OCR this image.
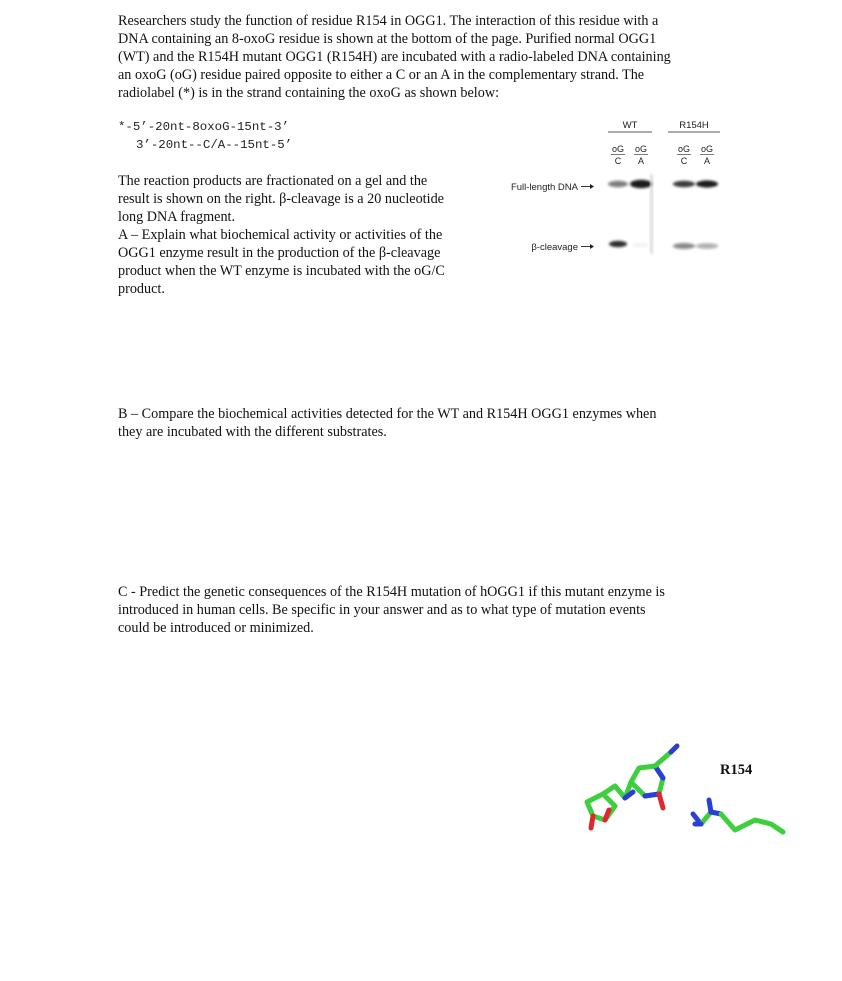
Researchers study the function of residue R154 in OGG1. The interaction of this residue with a
DNA containing an 8-oxoG residue is shown at the bottom of the page. Purified normal OGG1
(WT) and the R154H mutant OGG1 (R154H) are incubated with a radio-labeled DNA containing
an oxoG (oG) residue paired opposite to either a C or an A in the complementary strand. The
radiolabel (*) is in the strand containing the oxoG as shown below:
*-5’-20nt-8oxoG-15nt-3’
3’-20nt--C/A--15nt-5’
The reaction products are fractionated on a gel and the
result is shown on the right. β-cleavage is a 20 nucleotide
long DNA fragment.
A – Explain what biochemical activity or activities of the
OGG1 enzyme result in the production of the β-cleavage
product when the WT enzyme is incubated with the oG/C
product.
WT	R154H
oG
C
oG
A
oG
C
oG
A
Full-length DNA
β-cleavage
B – Compare the biochemical activities detected for the WT and R154H OGG1 enzymes when
they are incubated with the different substrates.
C - Predict the genetic consequences of the R154H mutation of hOGG1 if this mutant enzyme is
introduced in human cells. Be specific in your answer and as to what type of mutation events
could be introduced or minimized.
R154
